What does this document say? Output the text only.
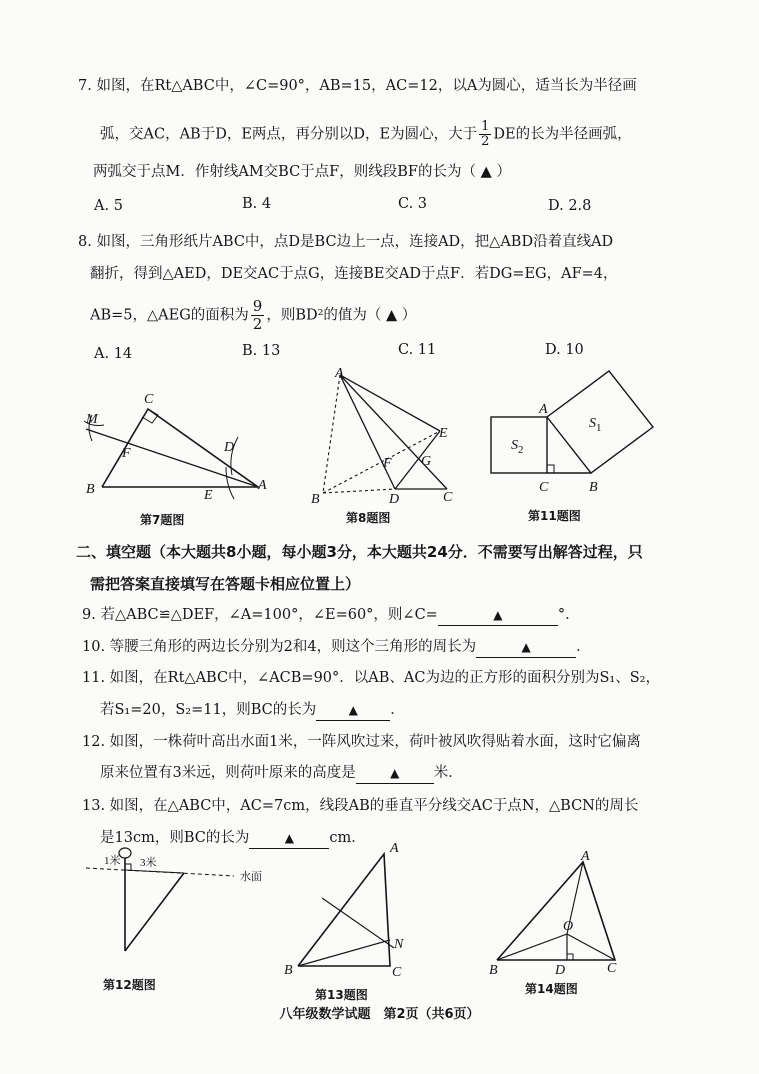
7. 如图，在Rt△ABC中，∠C=90°，AB=15，AC=12，以A为圆心，适当长为半径画
弧，交AC，AB于D，E两点，再分别以D，E为圆心，大于 $\frac{1}{2}$ DE的长为半径画弧，
两弧交于点M．作射线AM交BC于点F，则线段BF的长为（ ▲ ）
A. 5	B. 4	C. 3	D. 2.8
8. 如图，三角形纸片ABC中，点D是BC边上一点，连接AD，把△ABD沿着直线AD
翻折，得到△AED，DE交AC于点G，连接BE交AD于点F．若DG=EG，AF=4，
AB=5，△AEG的面积为 $\frac{9}{2}$ ，则BD²的值为（ ▲ ）
A. 14	B. 13	C. 11	D. 10
C
M
F	D
B	E
A
第7题图
A
E
F G
B	D	C
第8题图
A
$S_1$
$S_2$
C	B
第11题图
二、填空题（本大题共8小题，每小题3分，本大题共24分．不需要写出解答过程，只
需把答案直接填写在答题卡相应位置上）
9. 若△ABC≌△DEF，∠A=100°，∠E=60°，则∠C=	▲	°．
10. 等腰三角形的两边长分别为2和4，则这个三角形的周长为	▲	．
11. 如图，在Rt△ABC中，∠ACB=90°．以AB、AC为边的正方形的面积分别为S₁、S₂，
若S₁=20，S₂=11，则BC的长为	▲ ．
12. 如图，一株荷叶高出水面1米，一阵风吹过来，荷叶被风吹得贴着水面，这时它偏离
原来位置有3米远，则荷叶原来的高度是	▲ 米．
13. 如图，在△ABC中，AC=7cm，线段AB的垂直平分线交AC于点N，△BCN的周长
是13cm，则BC的长为	▲ cm．
1米 3米
水面
第12题图
A
N
B	C
第13题图
A
O
B	D	C
第14题图
八年级数学试题　第2页（共6页）
